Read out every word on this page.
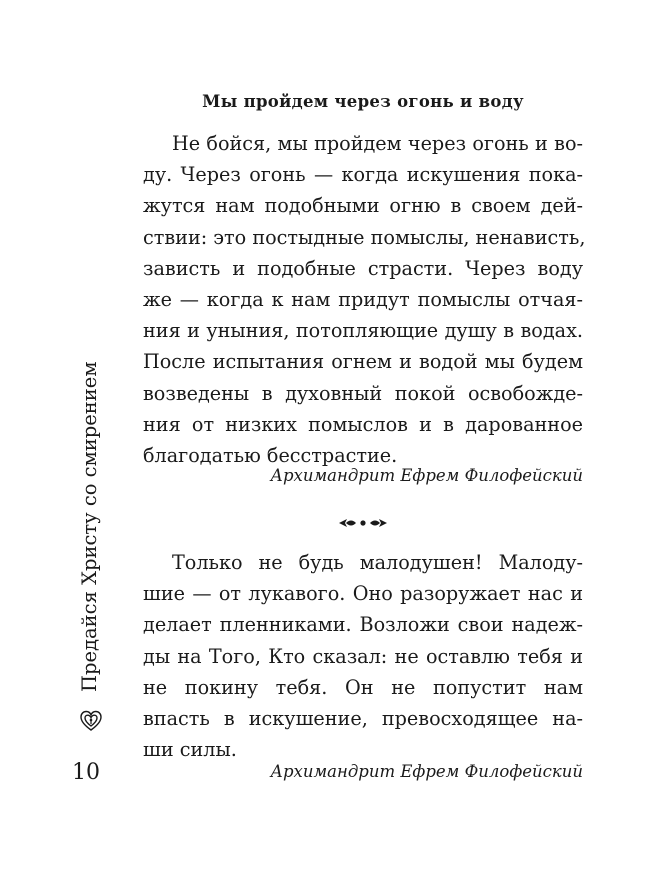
Мы пройдем через огонь и воду
Не бойся, мы пройдем через огонь и во-
ду. Через огонь — когда искушения пока-
жутся нам подобными огню в своем дей-
ствии: это постыдные помыслы, ненависть,
зависть и подобные страсти. Через воду
же — когда к нам придут помыслы отчая-
ния и уныния, потопляющие душу в водах.
После испытания огнем и водой мы будем
возведены в духовный покой освобожде-
ния от низких помыслов и в дарованное
благодатью бесстрастие.
Архимандрит Ефрем Филофейский
Только не будь малодушен! Малоду-
шие — от лукавого. Оно разоружает нас и
делает пленниками. Возложи свои надеж-
ды на Того, Кто сказал: не оставлю тебя и
не покину тебя. Он не попустит нам
впасть в искушение, превосходящее на-
ши силы.
Архимандрит Ефрем Филофейский
Предайся Христу со смирением
10
